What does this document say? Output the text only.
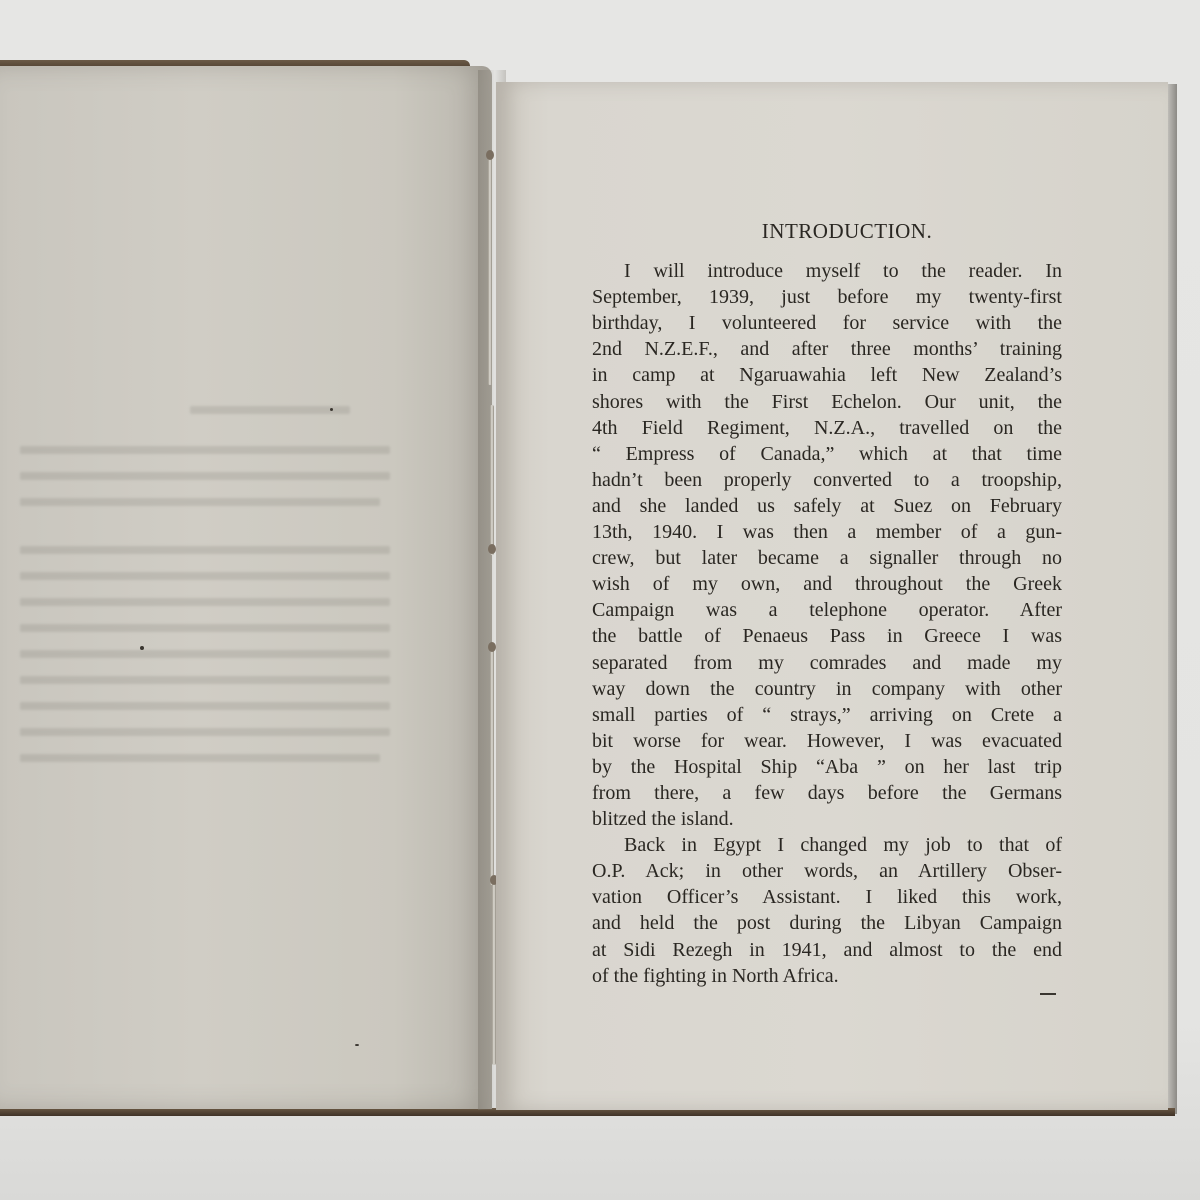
INTRODUCTION.
I will introduce myself to the reader. In
September, 1939, just before my twenty-first
birthday, I volunteered for service with the
2nd N.Z.E.F., and after three months’ training
in camp at Ngaruawahia left New Zealand’s
shores with the First Echelon. Our unit, the
4th Field Regiment, N.Z.A., travelled on the
“ Empress of Canada,” which at that time
hadn’t been properly converted to a troopship,
and she landed us safely at Suez on February
13th, 1940. I was then a member of a gun-
crew, but later became a signaller through no
wish of my own, and throughout the Greek
Campaign was a telephone operator. After
the battle of Penaeus Pass in Greece I was
separated from my comrades and made my
way down the country in company with other
small parties of “ strays,” arriving on Crete a
bit worse for wear. However, I was evacuated
by the Hospital Ship “Aba ” on her last trip
from there, a few days before the Germans
blitzed the island.
Back in Egypt I changed my job to that of
O.P. Ack; in other words, an Artillery Obser-
vation Officer’s Assistant. I liked this work,
and held the post during the Libyan Campaign
at Sidi Rezegh in 1941, and almost to the end
of the fighting in North Africa.
